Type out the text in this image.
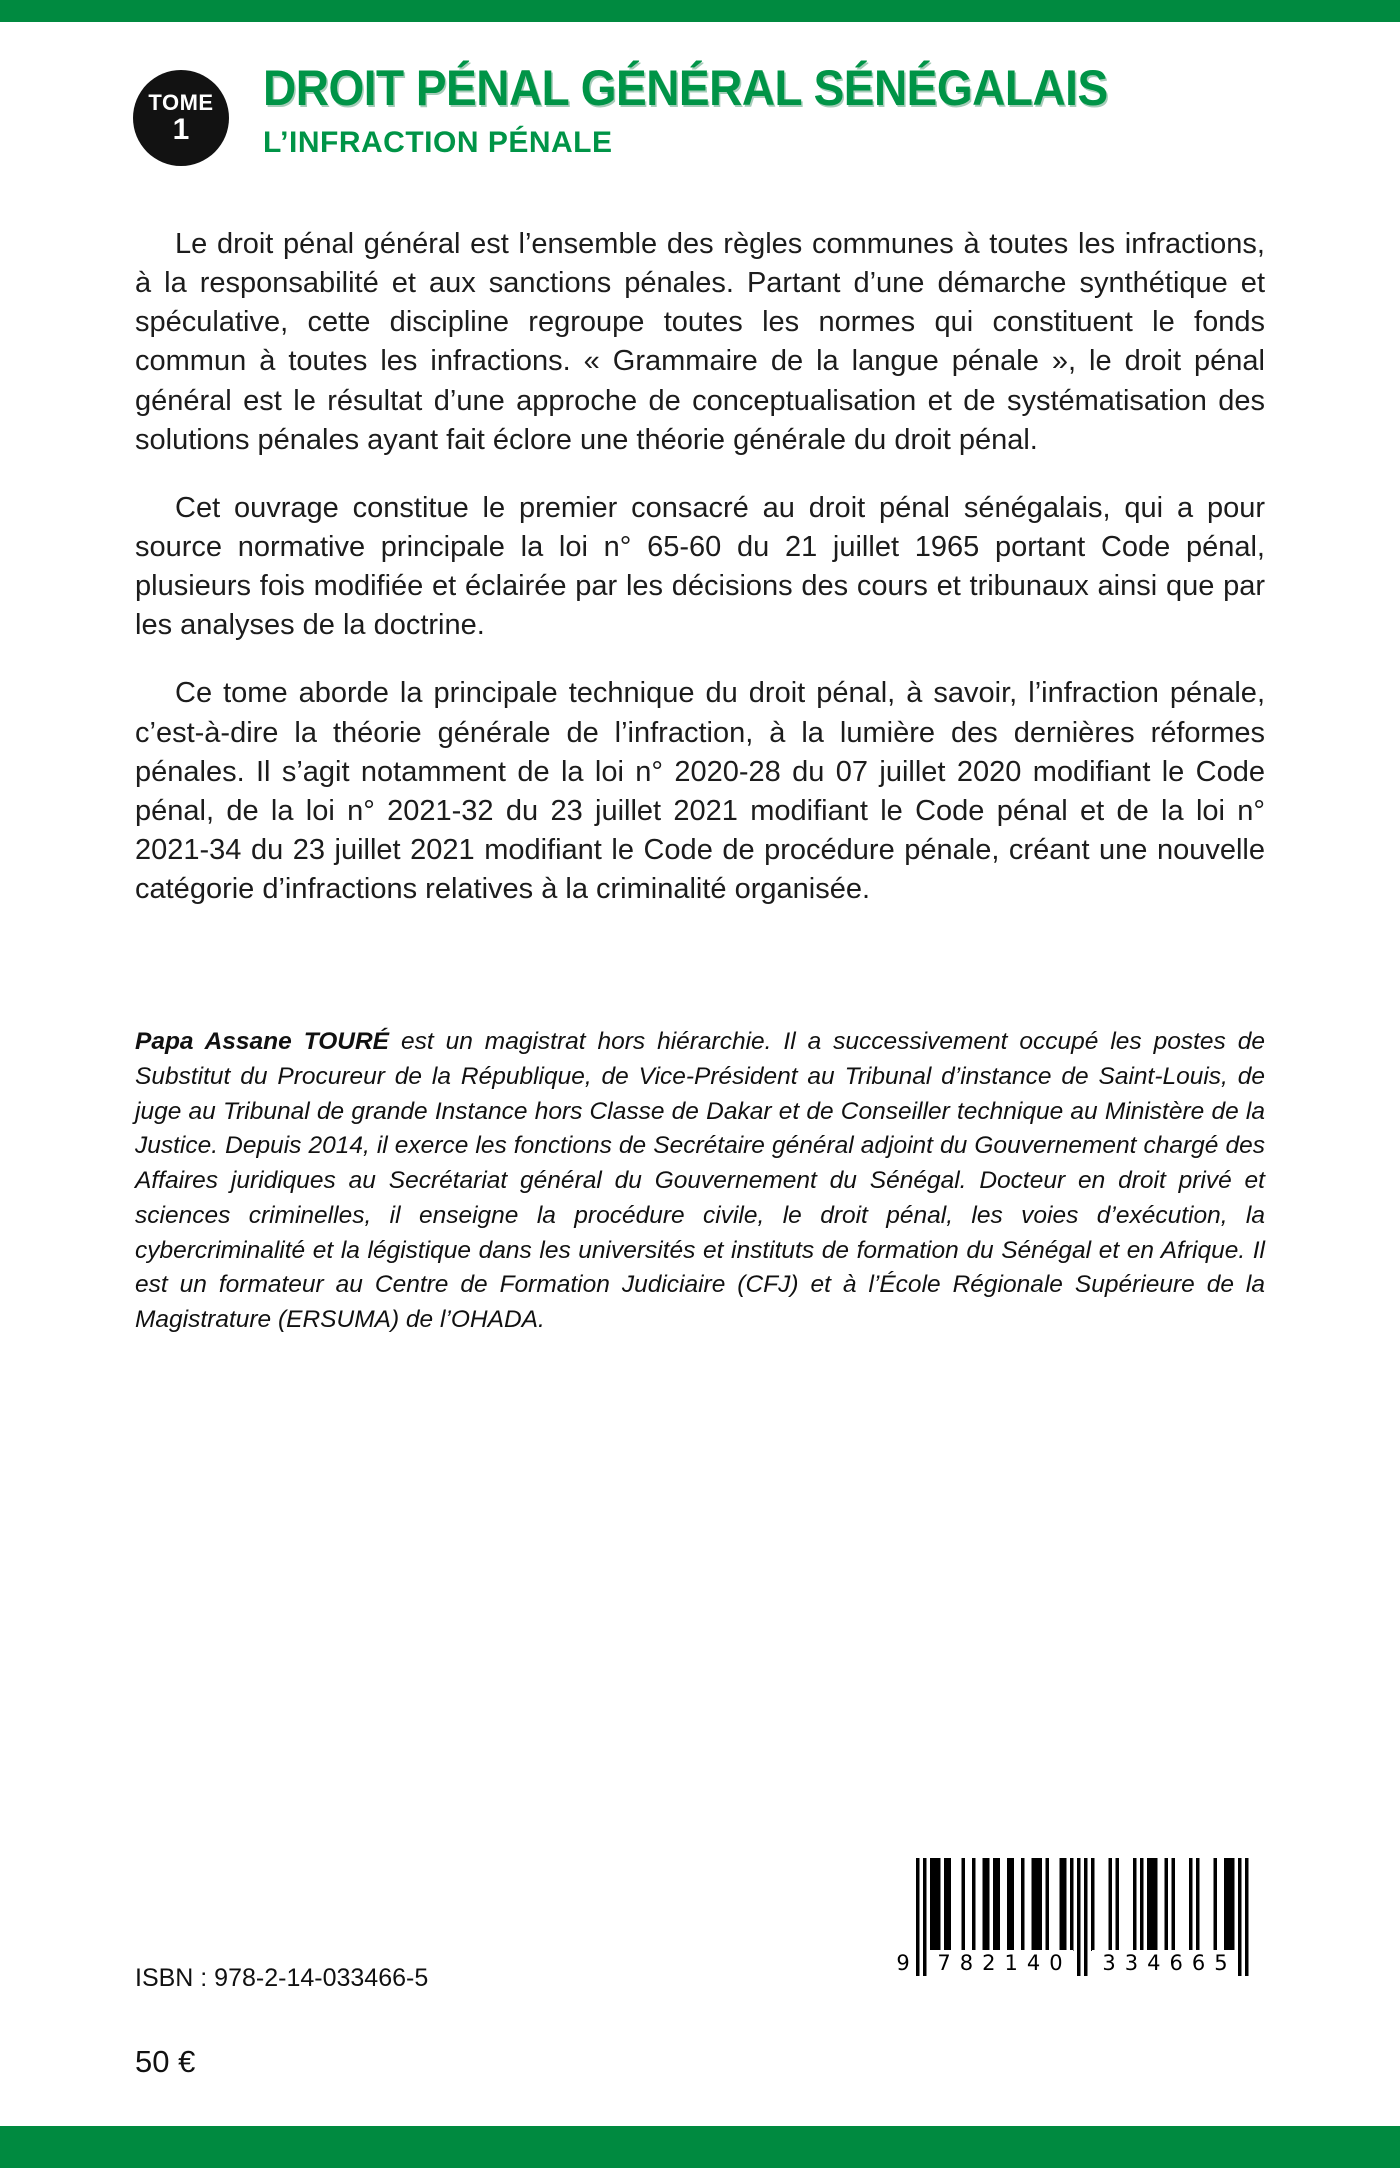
TOME
1
DROIT PÉNAL GÉNÉRAL SÉNÉGALAIS
L’INFRACTION PÉNALE

Le droit pénal général est l’ensemble des règles communes à toutes les infractions, à la responsabilité et aux sanctions pénales. Partant d’une démarche synthétique et spéculative, cette discipline regroupe toutes les normes qui constituent le fonds commun à toutes les infractions. « Grammaire de la langue pénale », le droit pénal général est le résultat d’une approche de conceptualisation et de systématisation des solutions pénales ayant fait éclore une théorie générale du droit pénal.

Cet ouvrage constitue le premier consacré au droit pénal sénégalais, qui a pour source normative principale la loi n° 65-60 du 21 juillet 1965 portant Code pénal, plusieurs fois modifiée et éclairée par les décisions des cours et tribunaux ainsi que par les analyses de la doctrine.

Ce tome aborde la principale technique du droit pénal, à savoir, l’infraction pénale, c’est-à-dire la théorie générale de l’infraction, à la lumière des dernières réformes pénales. Il s’agit notamment de la loi n° 2020-28 du 07 juillet 2020 modifiant le Code pénal, de la loi n° 2021-32 du 23 juillet 2021 modifiant le Code pénal et de la loi n° 2021-34 du 23 juillet 2021 modifiant le Code de procédure pénale, créant une nouvelle catégorie d’infractions relatives à la criminalité organisée.

Papa Assane TOURÉ est un magistrat hors hiérarchie. Il a successivement occupé les postes de Substitut du Procureur de la République, de Vice-Président au Tribunal d’instance de Saint-Louis, de juge au Tribunal de grande Instance hors Classe de Dakar et de Conseiller technique au Ministère de la Justice. Depuis 2014, il exerce les fonctions de Secrétaire général adjoint du Gouvernement chargé des Affaires juridiques au Secrétariat général du Gouvernement du Sénégal. Docteur en droit privé et sciences criminelles, il enseigne la procédure civile, le droit pénal, les voies d’exécution, la cybercriminalité et la légistique dans les universités et instituts de formation du Sénégal et en Afrique. Il est un formateur au Centre de Formation Judiciaire (CFJ) et à l’École Régionale Supérieure de la Magistrature (ERSUMA) de l’OHADA.
ISBN : 978-2-14-033466-5
50 €
9	782140	334665
